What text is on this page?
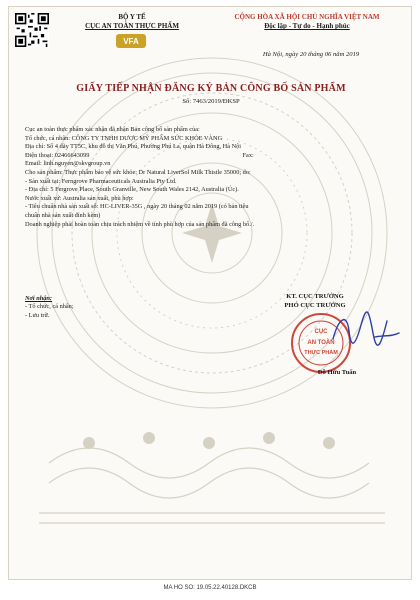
BỘ Y TẾ
CỤC AN TOÀN THỰC PHẨM
VFA
CỘNG HÒA XÃ HỘI CHỦ NGHĨA VIỆT NAM
Độc lập - Tự do - Hạnh phúc
Hà Nội, ngày 20 tháng 06 năm 2019
GIẤY TIẾP NHẬN ĐĂNG KÝ BẢN CÔNG BỐ SẢN PHẨM
Số: 7463/2019/ĐKSP
Cục an toàn thực phẩm xác nhận đã nhận Bản công bố sản phẩm của:
Tổ chức, cá nhân: CÔNG TY TNHH DƯỢC MỸ PHẨM SỨC KHỎE VÀNG
Địa chỉ: Số 4 dãy TT5C, khu đô thị Văn Phú, Phường Phú La, quận Hà Đông, Hà Nội
Điện thoại: 02466643099	Fax:
Email: linh.nguyen@skvgroup.vn
Cho sản phẩm: Thực phẩm bảo vệ sức khỏe: Dr Natural LiverSol Milk Thistle 35000; do:
- Sản xuất tại: Ferngrove Pharmaceuticals Australia Pty Ltd.
- Địa chỉ: 5 Fergrove Place, South Granville, New South Wales 2142, Australia (Úc).
Nước xuất xứ: Australia sản xuất, phù hợp:
- Tiêu chuẩn nhà sản xuất số: HC-LIVER-35G , ngày 20 tháng 02 năm 2019 (có bản tiêu
chuẩn nhà sản xuất đính kèm)
Doanh nghiệp phải hoàn toàn chịu trách nhiệm về tính phù hợp của sản phẩm đã công bố./.
Nơi nhận:
- Tổ chức, cá nhân;
- Lưu trữ.
KT. CỤC TRƯỞNG
PHÓ CỤC TRƯỞNG
CỤC
AN TOÀN
THỰC PHẨM
Đỗ Hữu Tuấn
MA HO SO: 19.05.22.40128.DKCB
